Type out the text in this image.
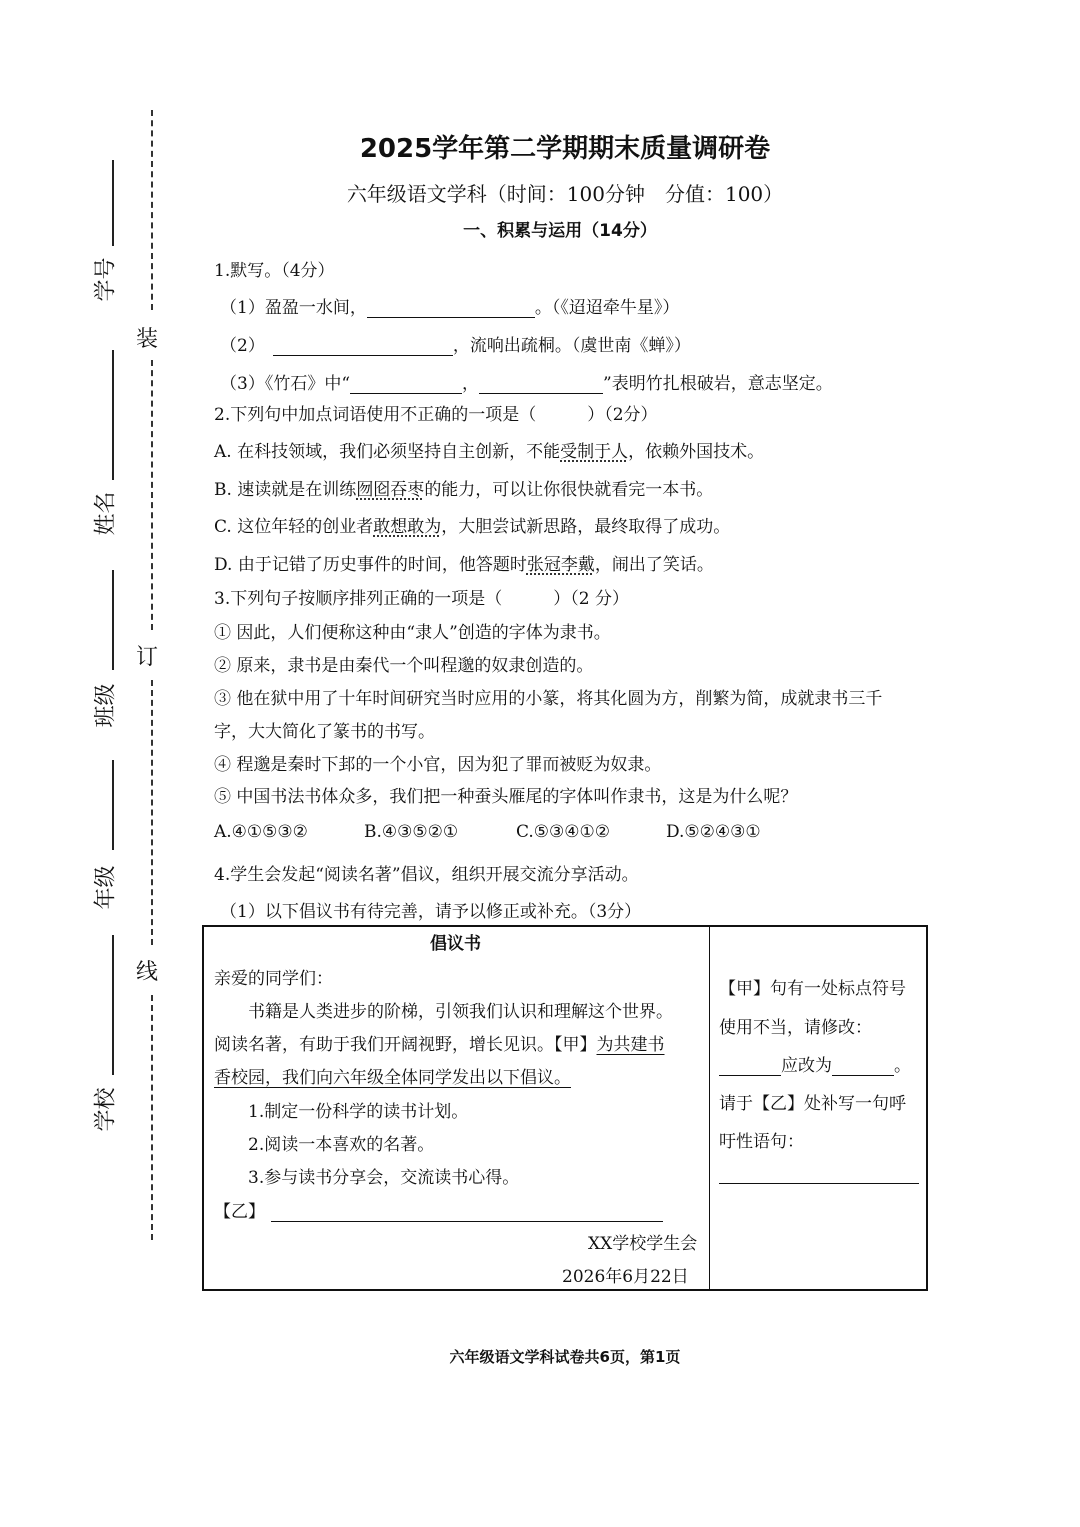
学号
姓名
班级
年级
学校
装
订
线
2025学年第二学期期末质量调研卷
六年级语文学科（时间：100分钟　分值：100）
一、积累与运用（14分）
1.默写。（4分）
（1）盈盈一水间，	。（《迢迢牵牛星》）
（2）	，流响出疏桐。（虞世南《蝉》）
（3）《竹石》中“	，	”表明竹扎根破岩，意志坚定。
2.下列句中加点词语使用不正确的一项是（　　　）（2分）
A. 在科技领域，我们必须坚持自主创新，不能受制于人，依赖外国技术。
B. 速读就是在训练囫囵吞枣的能力，可以让你很快就看完一本书。
C. 这位年轻的创业者敢想敢为，大胆尝试新思路，最终取得了成功。
D. 由于记错了历史事件的时间，他答题时张冠李戴，闹出了笑话。
3.下列句子按顺序排列正确的一项是（　　　）（2 分）
① 因此，人们便称这种由“隶人”创造的字体为隶书。
② 原来，隶书是由秦代一个叫程邈的奴隶创造的。
③ 他在狱中用了十年时间研究当时应用的小篆，将其化圆为方，削繁为简，成就隶书三千
字，大大简化了篆书的书写。
④ 程邈是秦时下邽的一个小官，因为犯了罪而被贬为奴隶。
⑤ 中国书法书体众多，我们把一种蚕头雁尾的字体叫作隶书，这是为什么呢？
A.④①⑤③②	B.④③⑤②①	C.⑤③④①②	D.⑤②④③①
4.学生会发起“阅读名著”倡议，组织开展交流分享活动。
（1）以下倡议书有待完善，请予以修正或补充。（3分）
倡议书
亲爱的同学们：
书籍是人类进步的阶梯，引领我们认识和理解这个世界。
阅读名著，有助于我们开阔视野，增长见识。【甲】为共建书
香校园，我们向六年级全体同学发出以下倡议。
1.制定一份科学的读书计划。
2.阅读一本喜欢的名著。
3.参与读书分享会，交流读书心得。
【乙】
XX学校学生会
2026年6月22日
【甲】句有一处标点符号
使用不当，请修改：
应改为	。
请于【乙】处补写一句呼
吁性语句：
六年级语文学科试卷共6页，第1页
